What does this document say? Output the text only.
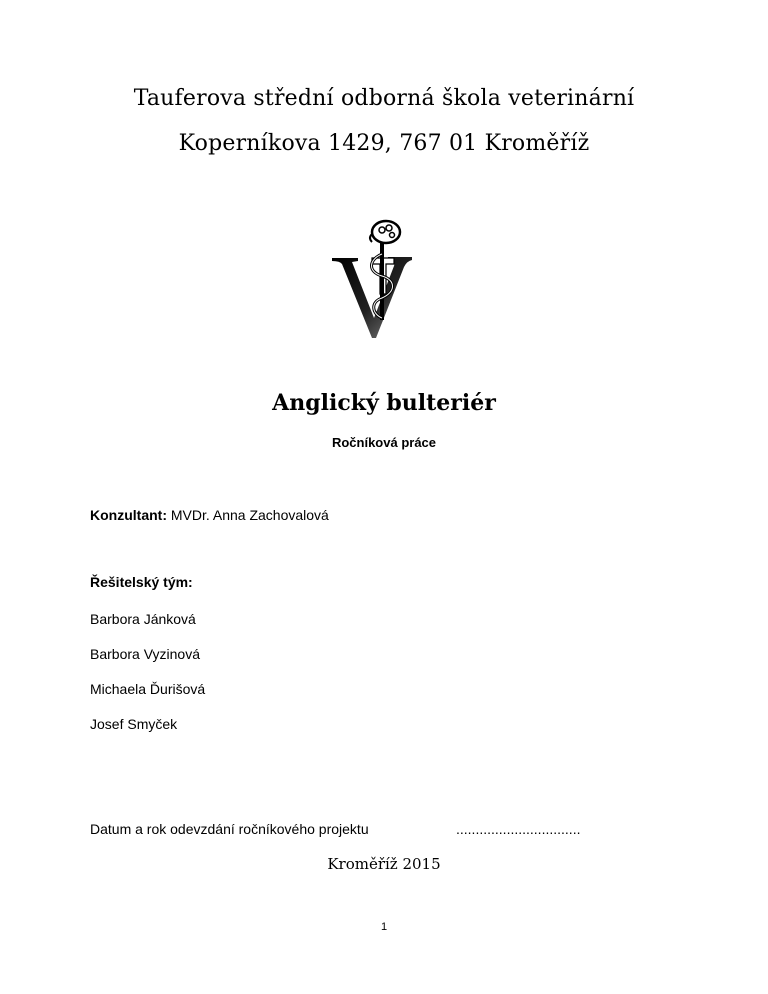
Tauferova střední odborná škola veterinární
Koperníkova 1429, 767 01 Kroměříž
Anglický bulteriér
Ročníková práce
Konzultant: MVDr. Anna Zachovalová
Řešitelský tým:
Barbora Jánková
Barbora Vyzinová
Michaela Ďurišová
Josef Smyček
Datum a rok odevzdání ročníkového projektu	................................
Kroměříž 2015
1
